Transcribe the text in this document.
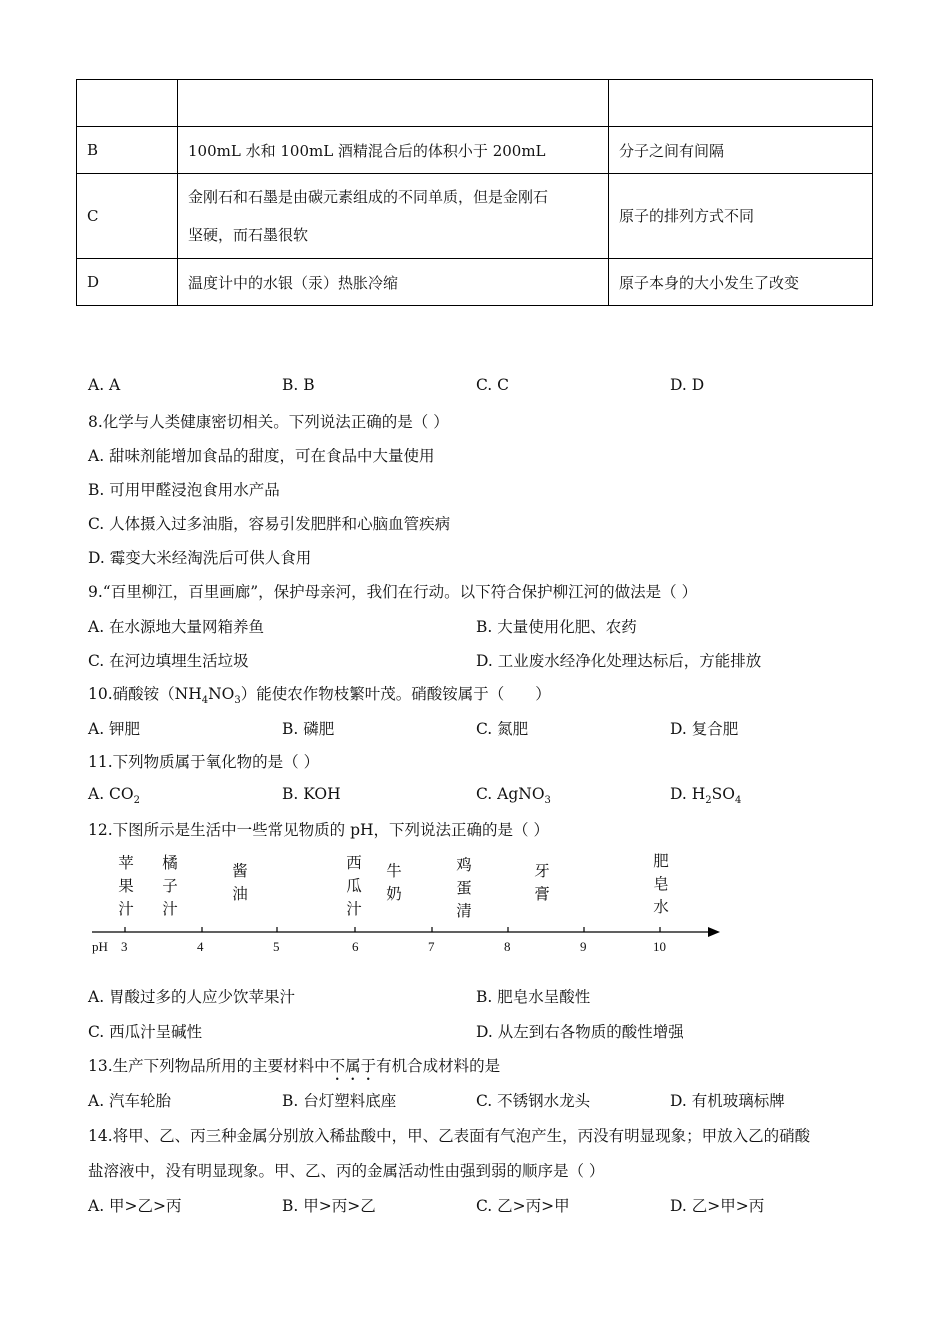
B	100mL 水和 100mL 酒精混合后的体积小于 200mL	分子之间有间隔
C	金刚石和石墨是由碳元素组成的不同单质，但是金刚石
坚硬，而石墨很软	原子的排列方式不同
D	温度计中的水银（汞）热胀冷缩	原子本身的大小发生了改变
A. A	B. B	C. C	D. D
8.化学与人类健康密切相关。下列说法正确的是（ ）
A. 甜味剂能增加食品的甜度，可在食品中大量使用
B. 可用甲醛浸泡食用水产品
C. 人体摄入过多油脂，容易引发肥胖和心脑血管疾病
D. 霉变大米经淘洗后可供人食用
9.“百里柳江，百里画廊”，保护母亲河，我们在行动。以下符合保护柳江河的做法是（ ）
A. 在水源地大量网箱养鱼	B. 大量使用化肥、农药
C. 在河边填埋生活垃圾	D. 工业废水经净化处理达标后，方能排放
10.硝酸铵$(NH_4NO_3)$能使农作物枝繁叶茂。硝酸铵属于（　　）
A. 钾肥	B. 磷肥	C. 氮肥	D. 复合肥
11.下列物质属于氧化物的是（ ）
A. $CO_2$	B. KOH	C. AgNO$_3$	D. $H_2SO_4$
12.下图所示是生活中一些常见物质的 pH，下列说法正确的是（ ）
苹
果
汁
橘
子
汁
酱
油
西
瓜
汁
牛
奶
鸡
蛋
清
牙
膏
肥
皂
水
pH 3	4	5	6	7	8	9	10
A. 胃酸过多的人应少饮苹果汁	B. 肥皂水呈酸性
C. 西瓜汁呈碱性	D. 从左到右各物质的酸性增强
13.生产下列物品所用的主要材料中不属于有机合成材料的是
A. 汽车轮胎	B. 台灯塑料底座	C. 不锈钢水龙头	D. 有机玻璃标牌
14.将甲、乙、丙三种金属分别放入稀盐酸中，甲、乙表面有气泡产生，丙没有明显现象；甲放入乙的硝酸
盐溶液中，没有明显现象。甲、乙、丙的金属活动性由强到弱的顺序是（ ）
A. 甲>乙>丙	B. 甲>丙>乙	C. 乙>丙>甲	D. 乙>甲>丙
